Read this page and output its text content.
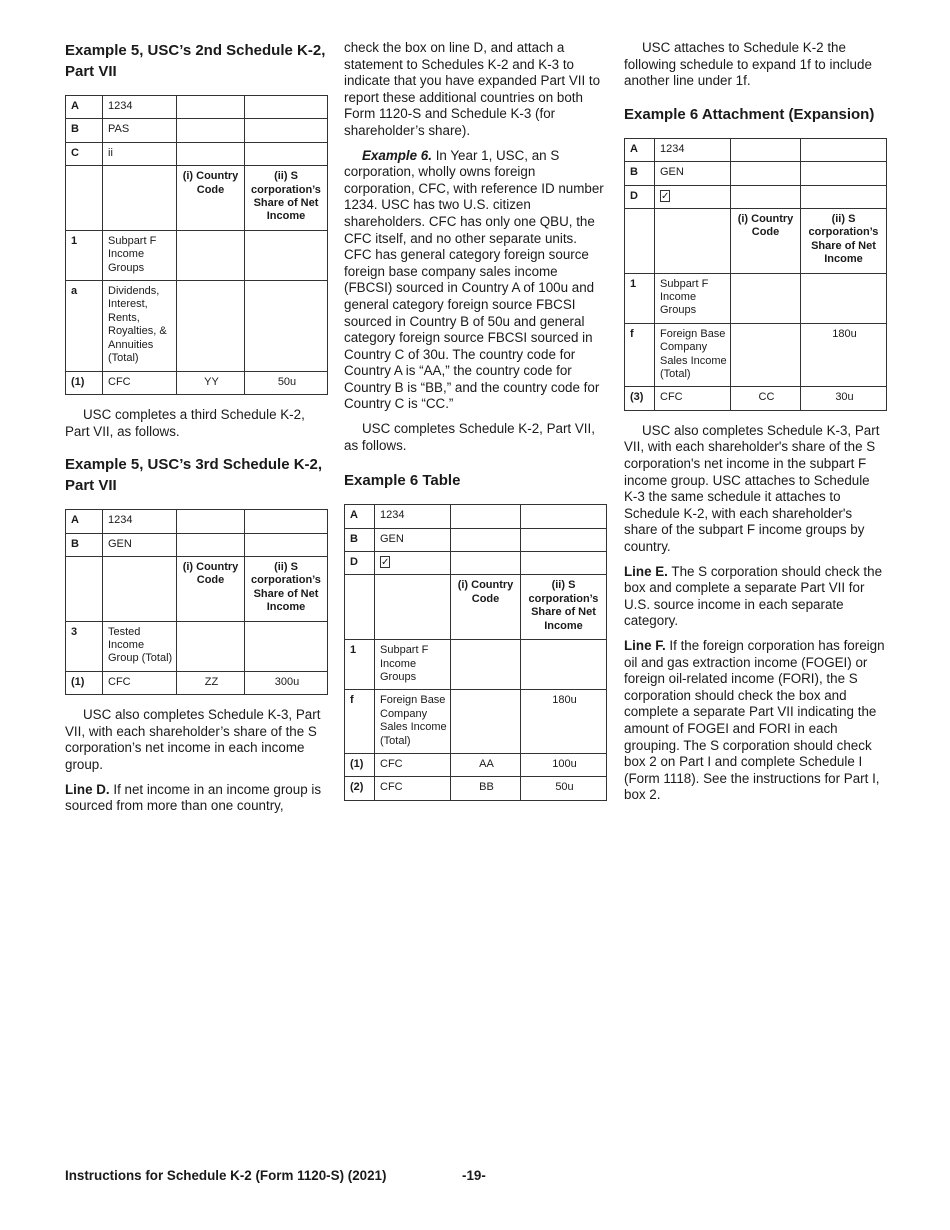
Example 5, USC’s 2nd Schedule K-2, Part VII
A	1234		
B	PAS		
C	ii		
		(i) Country Code	(ii) S corporation’s Share of Net Income
1	Subpart F Income Groups		
a	Dividends, Interest, Rents, Royalties, & Annuities (Total)		
(1)	CFC	YY	50u

USC completes a third Schedule K-2, Part VII, as follows.

Example 5, USC’s 3rd Schedule K-2, Part VII
A	1234		
B	GEN		
		(i) Country Code	(ii) S corporation’s Share of Net Income
3	Tested Income Group (Total)		
(1)	CFC	ZZ	300u

USC also completes Schedule K-3, Part VII, with each shareholder’s share of the S corporation’s net income in each income group.

Line D. If net income in an income group is sourced from more than one country,

check the box on line D, and attach a statement to Schedules K-2 and K-3 to indicate that you have expanded Part VII to report these additional countries on both Form 1120-S and Schedule K-3 (for shareholder’s share).

Example 6. In Year 1, USC, an S corporation, wholly owns foreign corporation, CFC, with reference ID number 1234. USC has two U.S. citizen shareholders. CFC has only one QBU, the CFC itself, and no other separate units. CFC has general category foreign source foreign base company sales income (FBCSI) sourced in Country A of 100u and general category foreign source FBCSI sourced in Country B of 50u and general category foreign source FBCSI sourced in Country C of 30u. The country code for Country A is “AA,” the country code for Country B is “BB,” and the country code for Country C is “CC.”

USC completes Schedule K-2, Part VII, as follows.

Example 6 Table
A	1234		
B	GEN		
D	✓		
		(i) Country Code	(ii) S corporation’s Share of Net Income
1	Subpart F Income Groups		
f	Foreign Base Company Sales Income (Total)		180u
(1)	CFC	AA	100u
(2)	CFC	BB	50u

USC attaches to Schedule K-2 the following schedule to expand 1f to include another line under 1f.

Example 6 Attachment (Expansion)
A	1234		
B	GEN		
D	✓		
		(i) Country Code	(ii) S corporation’s Share of Net Income
1	Subpart F Income Groups		
f	Foreign Base Company Sales Income (Total)		180u
(3)	CFC	CC	30u

USC also completes Schedule K-3, Part VII, with each shareholder's share of the S corporation's net income in the subpart F income group. USC attaches to Schedule K-3 the same schedule it attaches to Schedule K-2, with each shareholder's share of the subpart F income groups by country.

Line E. The S corporation should check the box and complete a separate Part VII for U.S. source income in each separate category.

Line F. If the foreign corporation has foreign oil and gas extraction income (FOGEI) or foreign oil-related income (FORI), the S corporation should check the box and complete a separate Part VII indicating the amount of FOGEI and FORI in each grouping. The S corporation should check box 2 on Part I and complete Schedule I (Form 1118). See the instructions for Part I, box 2.

Instructions for Schedule K-2 (Form 1120-S) (2021)	-19-
